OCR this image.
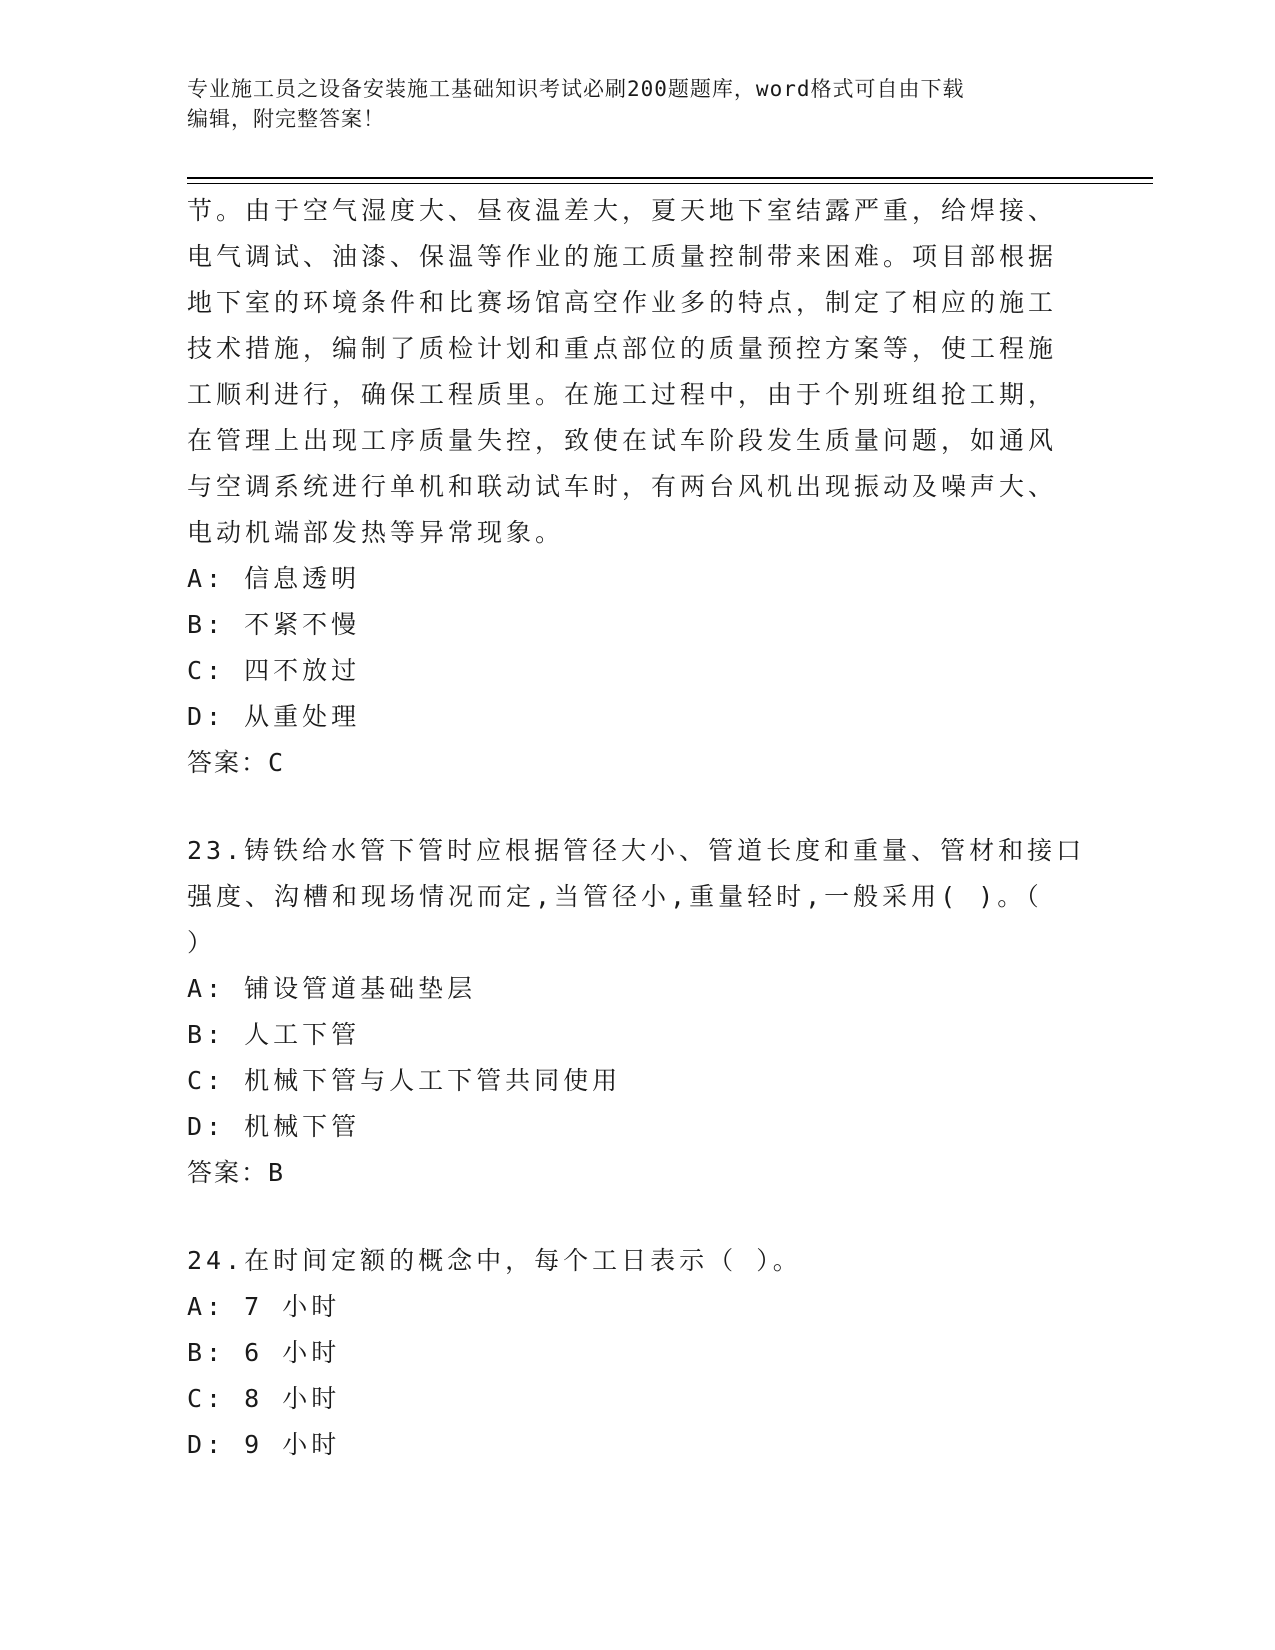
专业施工员之设备安装施工基础知识考试必刷200题题库，word格式可自由下载
编辑，附完整答案！
节。由于空气湿度大、昼夜温差大，夏天地下室结露严重，给焊接、
电气调试、油漆、保温等作业的施工质量控制带来困难。项目部根据
地下室的环境条件和比赛场馆高空作业多的特点，制定了相应的施工
技术措施，编制了质检计划和重点部位的质量预控方案等，使工程施
工顺利进行，确保工程质里。在施工过程中，由于个别班组抢工期，
在管理上出现工序质量失控，致使在试车阶段发生质量问题，如通风
与空调系统进行单机和联动试车时，有两台风机出现振动及噪声大、
电动机端部发热等异常现象。
A: 信息透明
B: 不紧不慢
C: 四不放过
D: 从重处理
答案：C
23.铸铁给水管下管时应根据管径大小、管道长度和重量、管材和接口
强度、沟槽和现场情况而定,当管径小,重量轻时,一般采用( )。（
）
A: 铺设管道基础垫层
B: 人工下管
C: 机械下管与人工下管共同使用
D: 机械下管
答案：B
24.在时间定额的概念中，每个工日表示（ ）。
A: 7 小时
B: 6 小时
C: 8 小时
D: 9 小时
